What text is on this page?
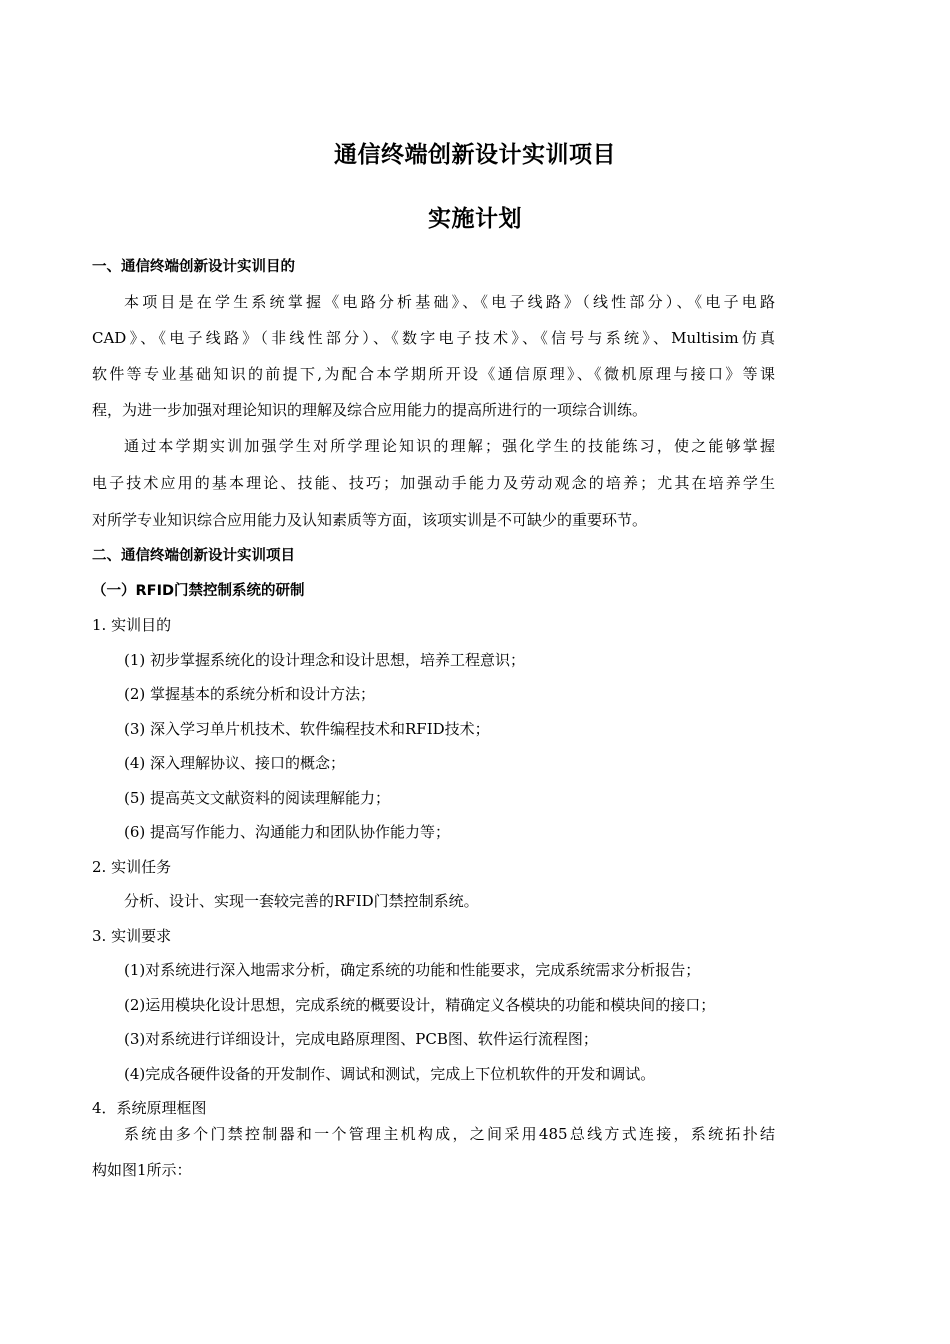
通信终端创新设计实训项目
实施计划
一、通信终端创新设计实训目的
本项目是在学生系统掌握《电路分析基础》、《电子线路》（线性部分）、《电子电路
CAD》、《电子线路》（非线性部分）、《数字电子技术》、《信号与系统》、Multisim仿真
软件等专业基础知识的前提下,为配合本学期所开设《通信原理》、《微机原理与接口》等课
程，为进一步加强对理论知识的理解及综合应用能力的提高所进行的一项综合训练。
通过本学期实训加强学生对所学理论知识的理解；强化学生的技能练习，使之能够掌握
电子技术应用的基本理论、技能、技巧；加强动手能力及劳动观念的培养；尤其在培养学生
对所学专业知识综合应用能力及认知素质等方面，该项实训是不可缺少的重要环节。
二、通信终端创新设计实训项目
（一）RFID门禁控制系统的研制
1. 实训目的
(1) 初步掌握系统化的设计理念和设计思想，培养工程意识；
(2) 掌握基本的系统分析和设计方法；
(3) 深入学习单片机技术、软件编程技术和RFID技术；
(4) 深入理解协议、接口的概念；
(5) 提高英文文献资料的阅读理解能力；
(6) 提高写作能力、沟通能力和团队协作能力等；
2. 实训任务
分析、设计、实现一套较完善的RFID门禁控制系统。
3. 实训要求
(1)对系统进行深入地需求分析，确定系统的功能和性能要求，完成系统需求分析报告；
(2)运用模块化设计思想，完成系统的概要设计，精确定义各模块的功能和模块间的接口；
(3)对系统进行详细设计，完成电路原理图、PCB图、软件运行流程图；
(4)完成各硬件设备的开发制作、调试和测试，完成上下位机软件的开发和调试。
4．系统原理框图
系统由多个门禁控制器和一个管理主机构成，之间采用485总线方式连接，系统拓扑结
构如图1所示：
